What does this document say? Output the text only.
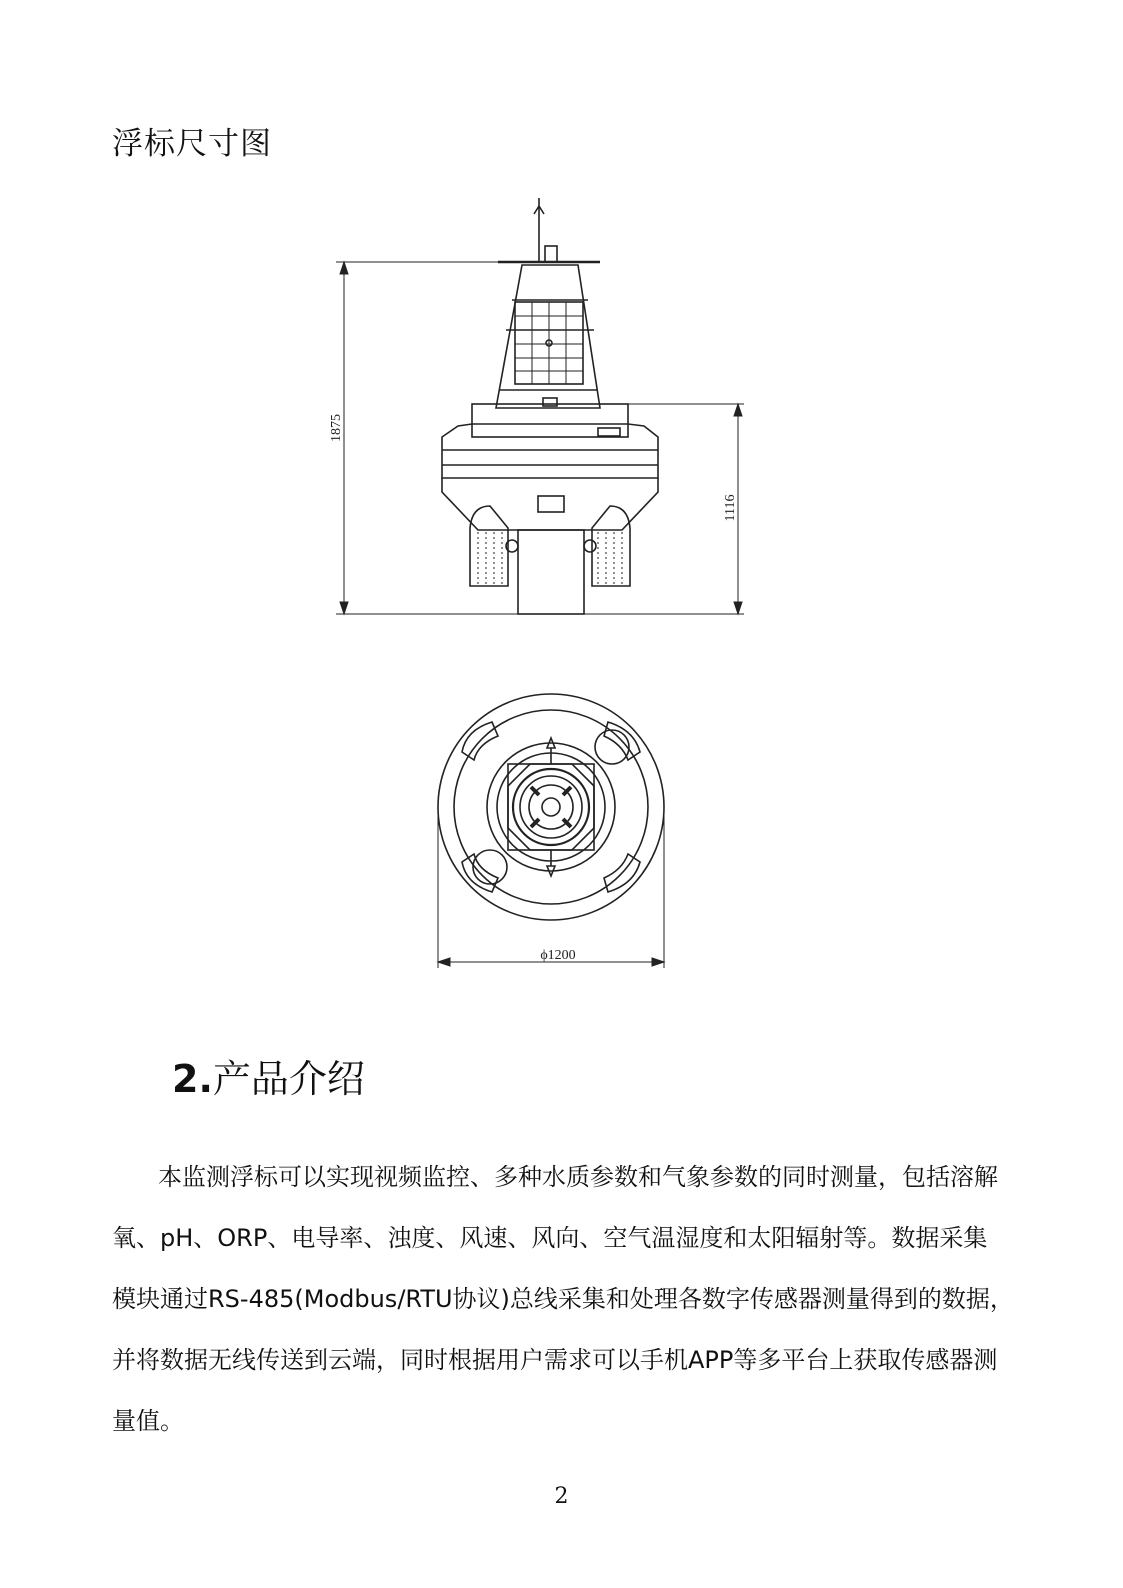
浮标尺寸图
1875
1116
ϕ1200
2.产品介绍
本监测浮标可以实现视频监控、多种水质参数和气象参数的同时测量，包括溶解
氧、pH、ORP、电导率、浊度、风速、风向、空气温湿度和太阳辐射等。数据采集
模块通过RS-485(Modbus/RTU协议)总线采集和处理各数字传感器测量得到的数据，
并将数据无线传送到云端，同时根据用户需求可以手机APP等多平台上获取传感器测
量值。
2
